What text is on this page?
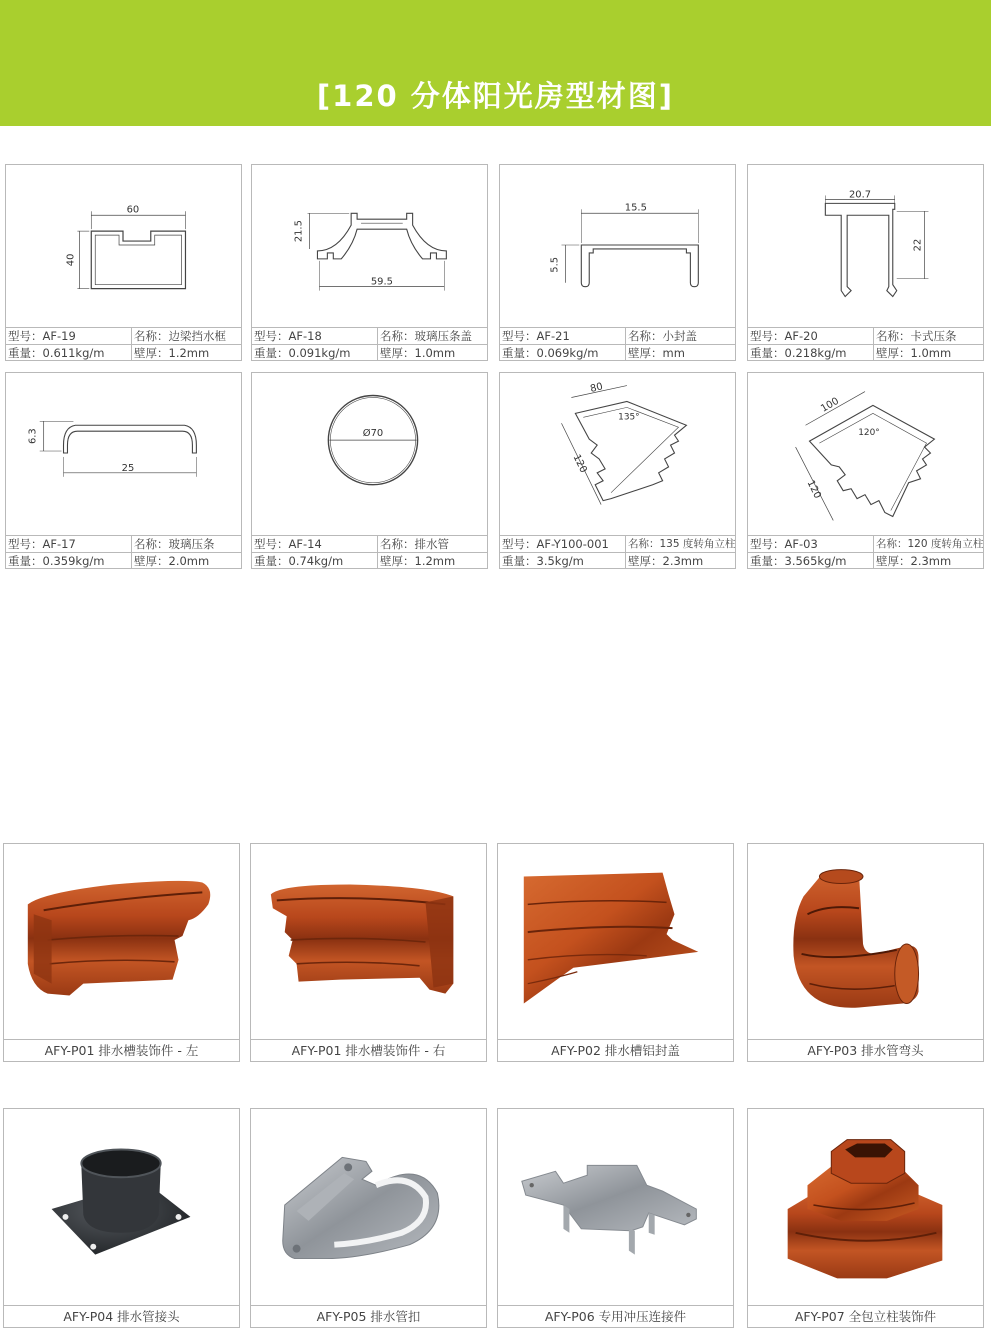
[120 分体阳光房型材图]
60
40
型号：AF-19	名称：边梁挡水框
重量：0.611kg/m	壁厚：1.2mm
21.5
59.5
型号：AF-18	名称：玻璃压条盖
重量：0.091kg/m	壁厚：1.0mm
15.5
5.5
型号：AF-21	名称：小封盖
重量：0.069kg/m	壁厚：mm
20.7
22
型号：AF-20	名称：卡式压条
重量：0.218kg/m	壁厚：1.0mm
6.3
25
型号：AF-17	名称：玻璃压条
重量：0.359kg/m	壁厚：2.0mm
Ø70
型号：AF-14	名称：排水管
重量：0.74kg/m	壁厚：1.2mm
80
135°
120
型号：AF-Y100-001	名称：135 度转角立柱
重量：3.5kg/m	壁厚：2.3mm
100
120°
120
型号：AF-03	名称：120 度转角立柱
重量：3.565kg/m	壁厚：2.3mm
AFY-P01 排水槽装饰件 - 左	AFY-P01 排水槽装饰件 - 右	AFY-P02 排水槽铝封盖	AFY-P03 排水管弯头
AFY-P04 排水管接头	AFY-P05 排水管扣	AFY-P06 专用冲压连接件	AFY-P07 全包立柱装饰件
